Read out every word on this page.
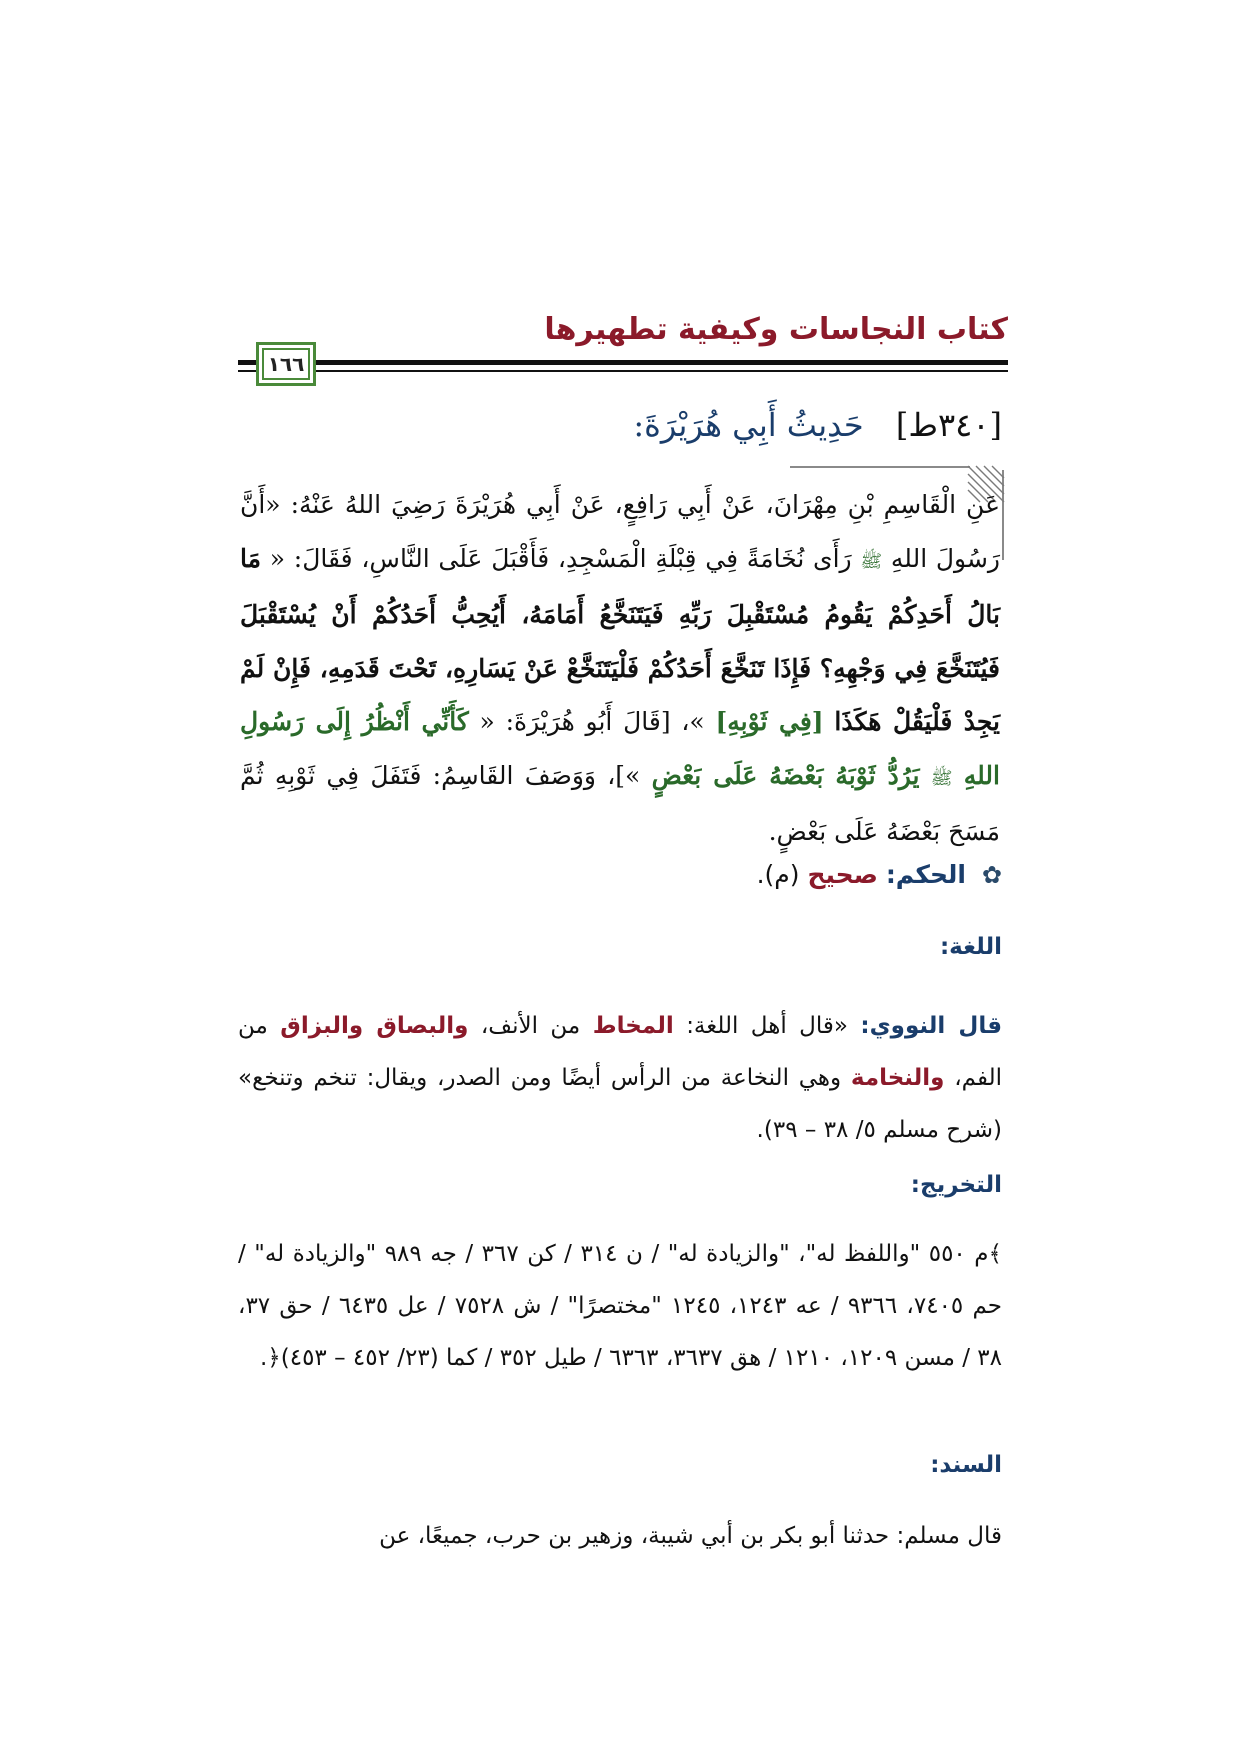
كتاب النجاسات وكيفية تطهيرها
١٦٦
[٣٤٠ط] حَدِيثُ أَبِي هُرَيْرَةَ:
عَنِ الْقَاسِمِ بْنِ مِهْرَانَ، عَنْ أَبِي رَافِعٍ، عَنْ أَبِي هُرَيْرَةَ رَضِيَ اللهُ عَنْهُ: «أَنَّ رَسُولَ اللهِ ﷺ رَأَى نُخَامَةً فِي قِبْلَةِ الْمَسْجِدِ، فَأَقْبَلَ عَلَى النَّاسِ، فَقَالَ: « مَا بَالُ أَحَدِكُمْ يَقُومُ مُسْتَقْبِلَ رَبِّهِ فَيَتَنَخَّعُ أَمَامَهُ، أَيُحِبُّ أَحَدُكُمْ أَنْ يُسْتَقْبَلَ فَيُتَنَخَّعَ فِي وَجْهِهِ؟ فَإِذَا تَنَخَّعَ أَحَدُكُمْ فَلْيَتَنَخَّعْ عَنْ يَسَارِهِ، تَحْتَ قَدَمِهِ، فَإِنْ لَمْ يَجِدْ فَلْيَقُلْ هَكَذَا [فِي ثَوْبِهِ] »، [قَالَ أَبُو هُرَيْرَةَ: « كَأَنِّي أَنْظُرُ إِلَى رَسُولِ اللهِ ﷺ يَرُدُّ ثَوْبَهُ بَعْضَهُ عَلَى بَعْضٍ »]، وَوَصَفَ القَاسِمُ: فَتَفَلَ فِي ثَوْبِهِ ثُمَّ مَسَحَ بَعْضَهُ عَلَى بَعْضٍ.
✿ الحكم: صحيح (م).
اللغة:
قال النووي: «قال أهل اللغة: المخاط من الأنف، والبصاق والبزاق من الفم، والنخامة وهي النخاعة من الرأس أيضًا ومن الصدر، ويقال: تنخم وتنخع» (شرح مسلم ٥/ ٣٨ – ٣٩).
التخريج:
﴾م ٥٥٠ "واللفظ له"، "والزيادة له" / ن ٣١٤ / كن ٣٦٧ / جه ٩٨٩ "والزيادة له" / حم ٧٤٠٥، ٩٣٦٦ / عه ١٢٤٣، ١٢٤٥ "مختصرًا" / ش ٧٥٢٨ / عل ٦٤٣٥ / حق ٣٧، ٣٨ / مسن ١٢٠٩، ١٢١٠ / هق ٣٦٣٧، ٦٣٦٣ / طيل ٣٥٢ / كما (٢٣/ ٤٥٢ – ٤٥٣)﴿.
السند:
قال مسلم: حدثنا أبو بكر بن أبي شيبة، وزهير بن حرب، جميعًا، عن
